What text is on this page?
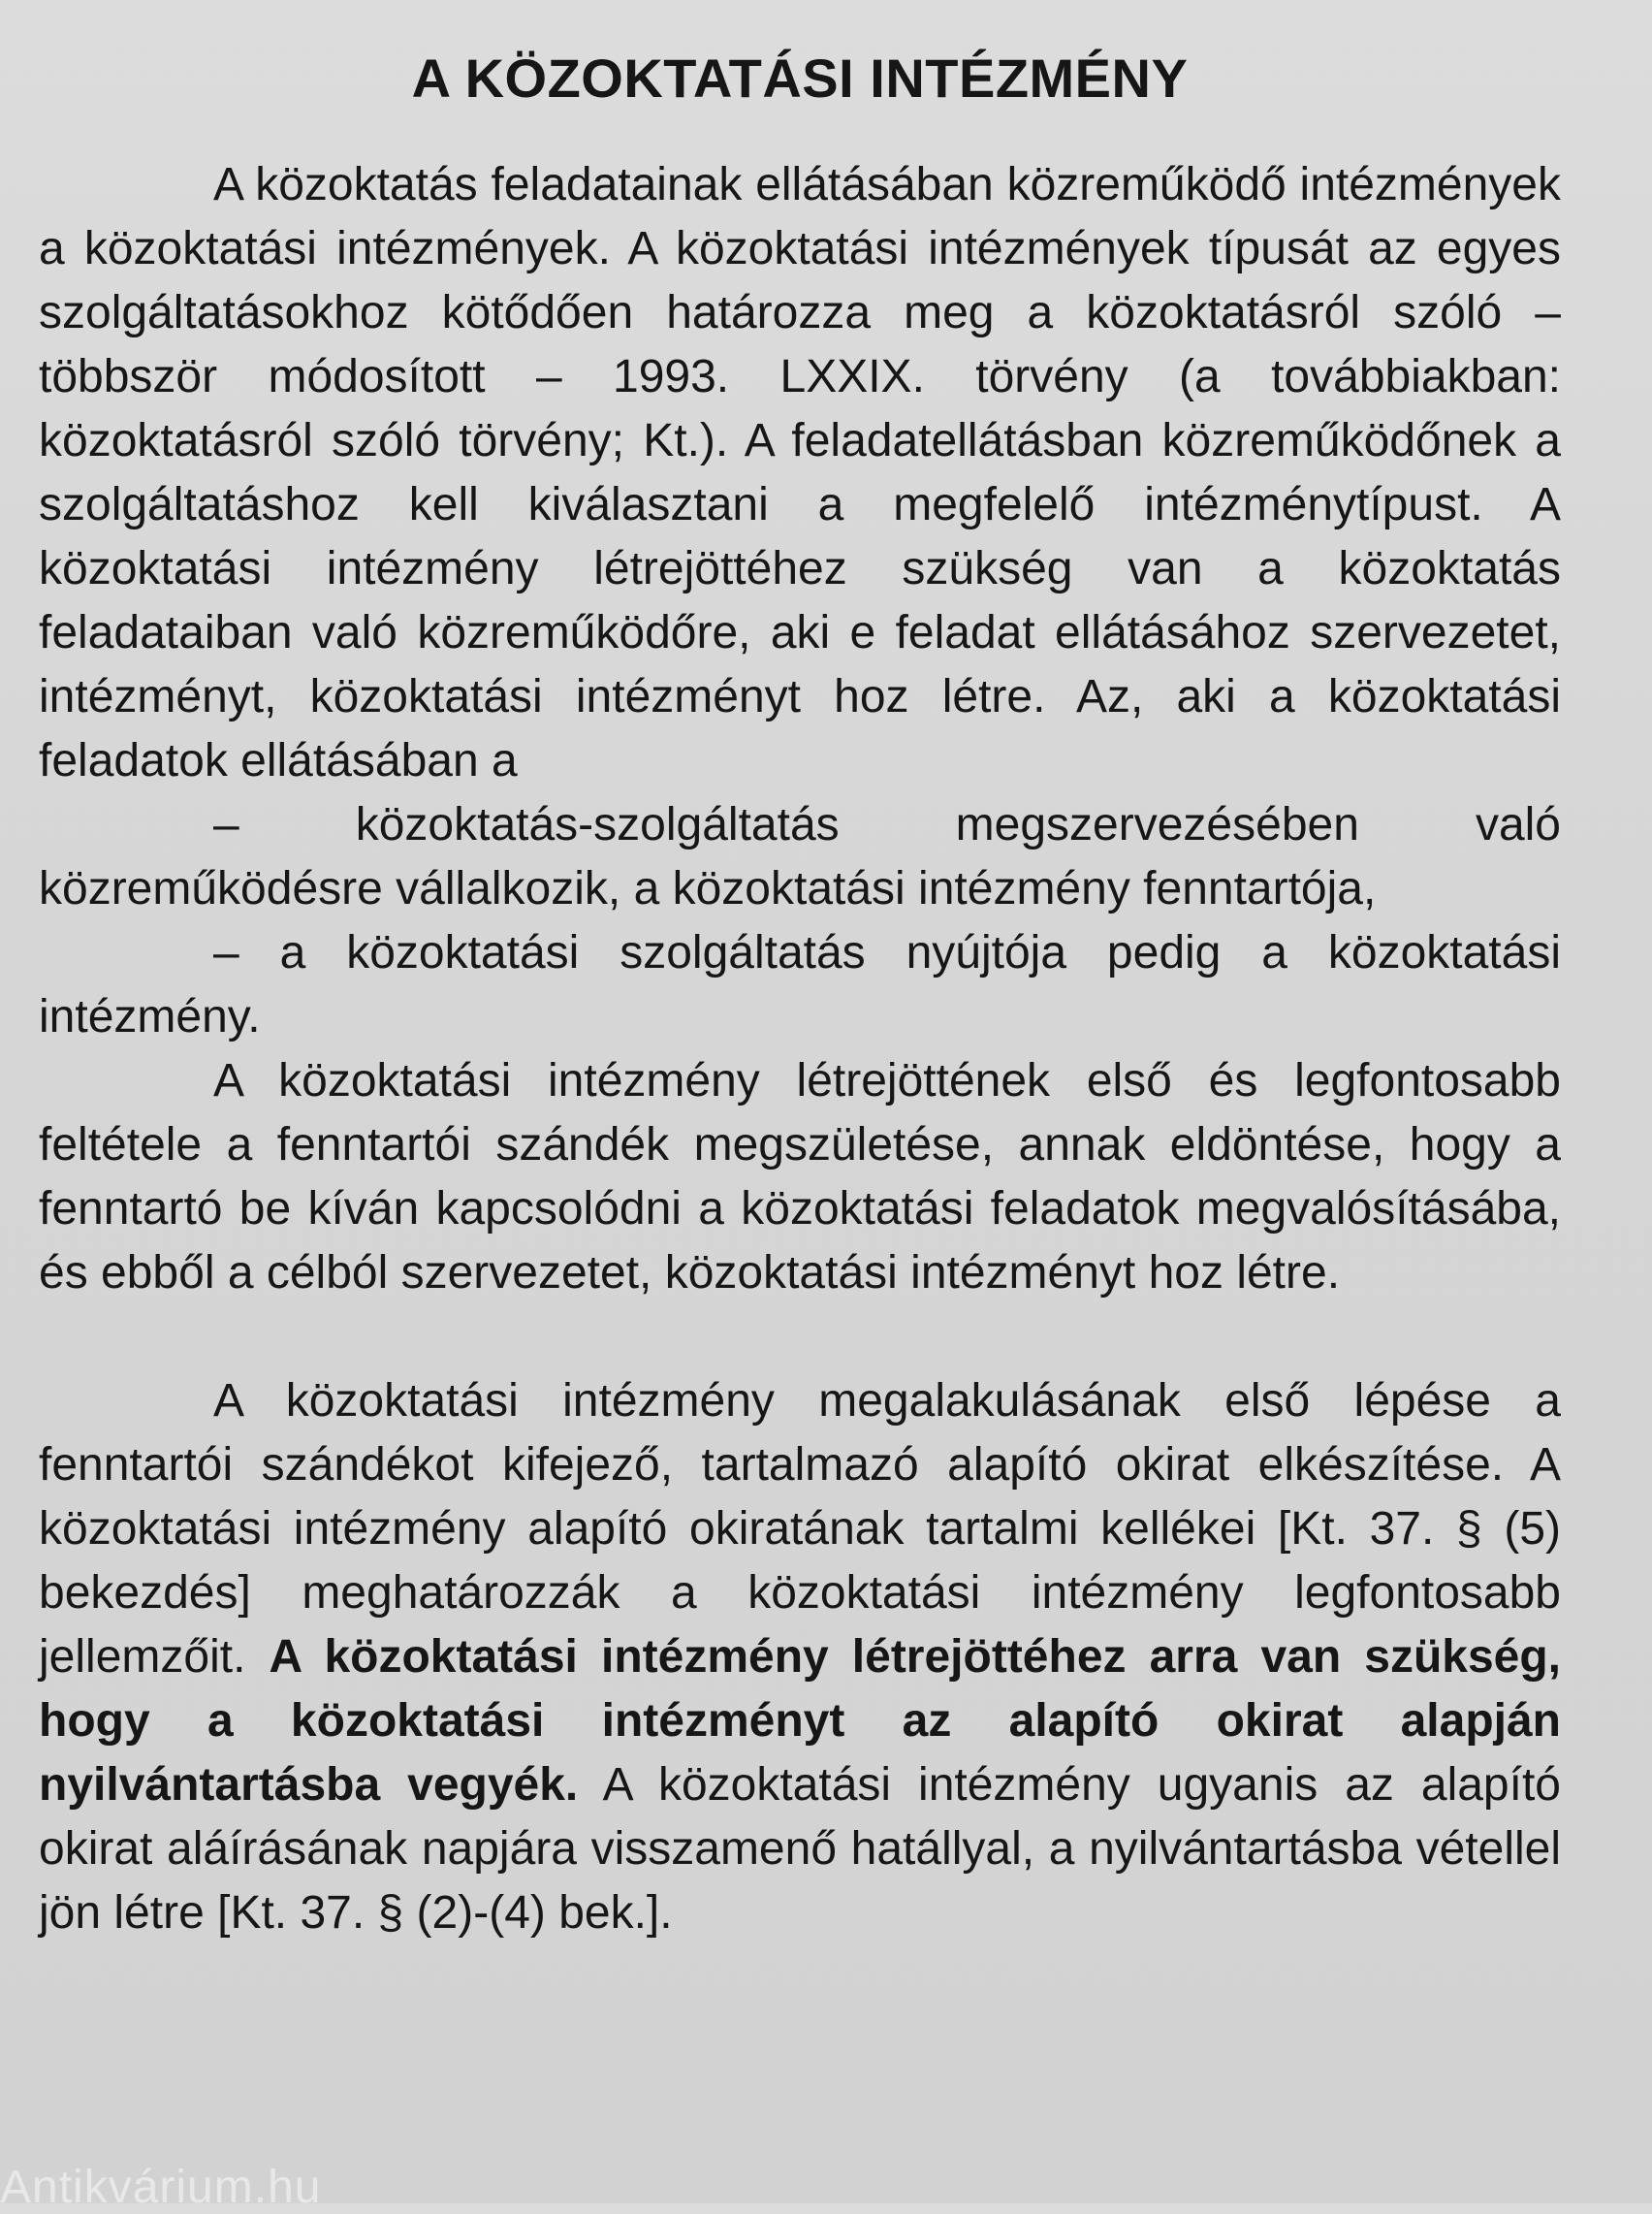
A KÖZOKTATÁSI INTÉZMÉNY

A közoktatás feladatainak ellátásában közreműködő intézmények a közoktatási intézmények. A közoktatási intézmények típusát az egyes szolgáltatásokhoz kötődően határozza meg a közoktatásról szóló – többször módosított – 1993. LXXIX. törvény (a továbbiakban: közoktatásról szóló törvény; Kt.). A feladatellátásban közreműködőnek a szolgáltatáshoz kell kiválasztani a megfelelő intézménytípust. A közoktatási intézmény létrejöttéhez szükség van a közoktatás feladataiban való közreműködőre, aki e feladat ellátásához szervezetet, intézményt, közoktatási intézményt hoz létre. Az, aki a közoktatási feladatok ellátásában a

– közoktatás-szolgáltatás megszervezésében való közreműködésre vállalkozik, a közoktatási intézmény fenntartója,

– a közoktatási szolgáltatás nyújtója pedig a közoktatási intézmény.

A közoktatási intézmény létrejöttének első és legfontosabb feltétele a fenntartói szándék megszületése, annak eldöntése, hogy a fenntartó be kíván kapcsolódni a közoktatási feladatok megvalósításába, és ebből a célból szervezetet, közoktatási intézményt hoz létre.

A közoktatási intézmény megalakulásának első lépése a fenntartói szándékot kifejező, tartalmazó alapító okirat elkészítése. A közoktatási intézmény alapító okiratának tartalmi kellékei [Kt. 37. § (5) bekezdés] meghatározzák a közoktatási intézmény legfontosabb jellemzőit. A közoktatási intézmény létrejöttéhez arra van szükség, hogy a közoktatási intézményt az alapító okirat alapján nyilvántartásba vegyék. A közoktatási intézmény ugyanis az alapító okirat aláírásának napjára visszamenő hatállyal, a nyilvántartásba vétellel jön létre [Kt. 37. § (2)-(4) bek.].

Antikvárium.hu
